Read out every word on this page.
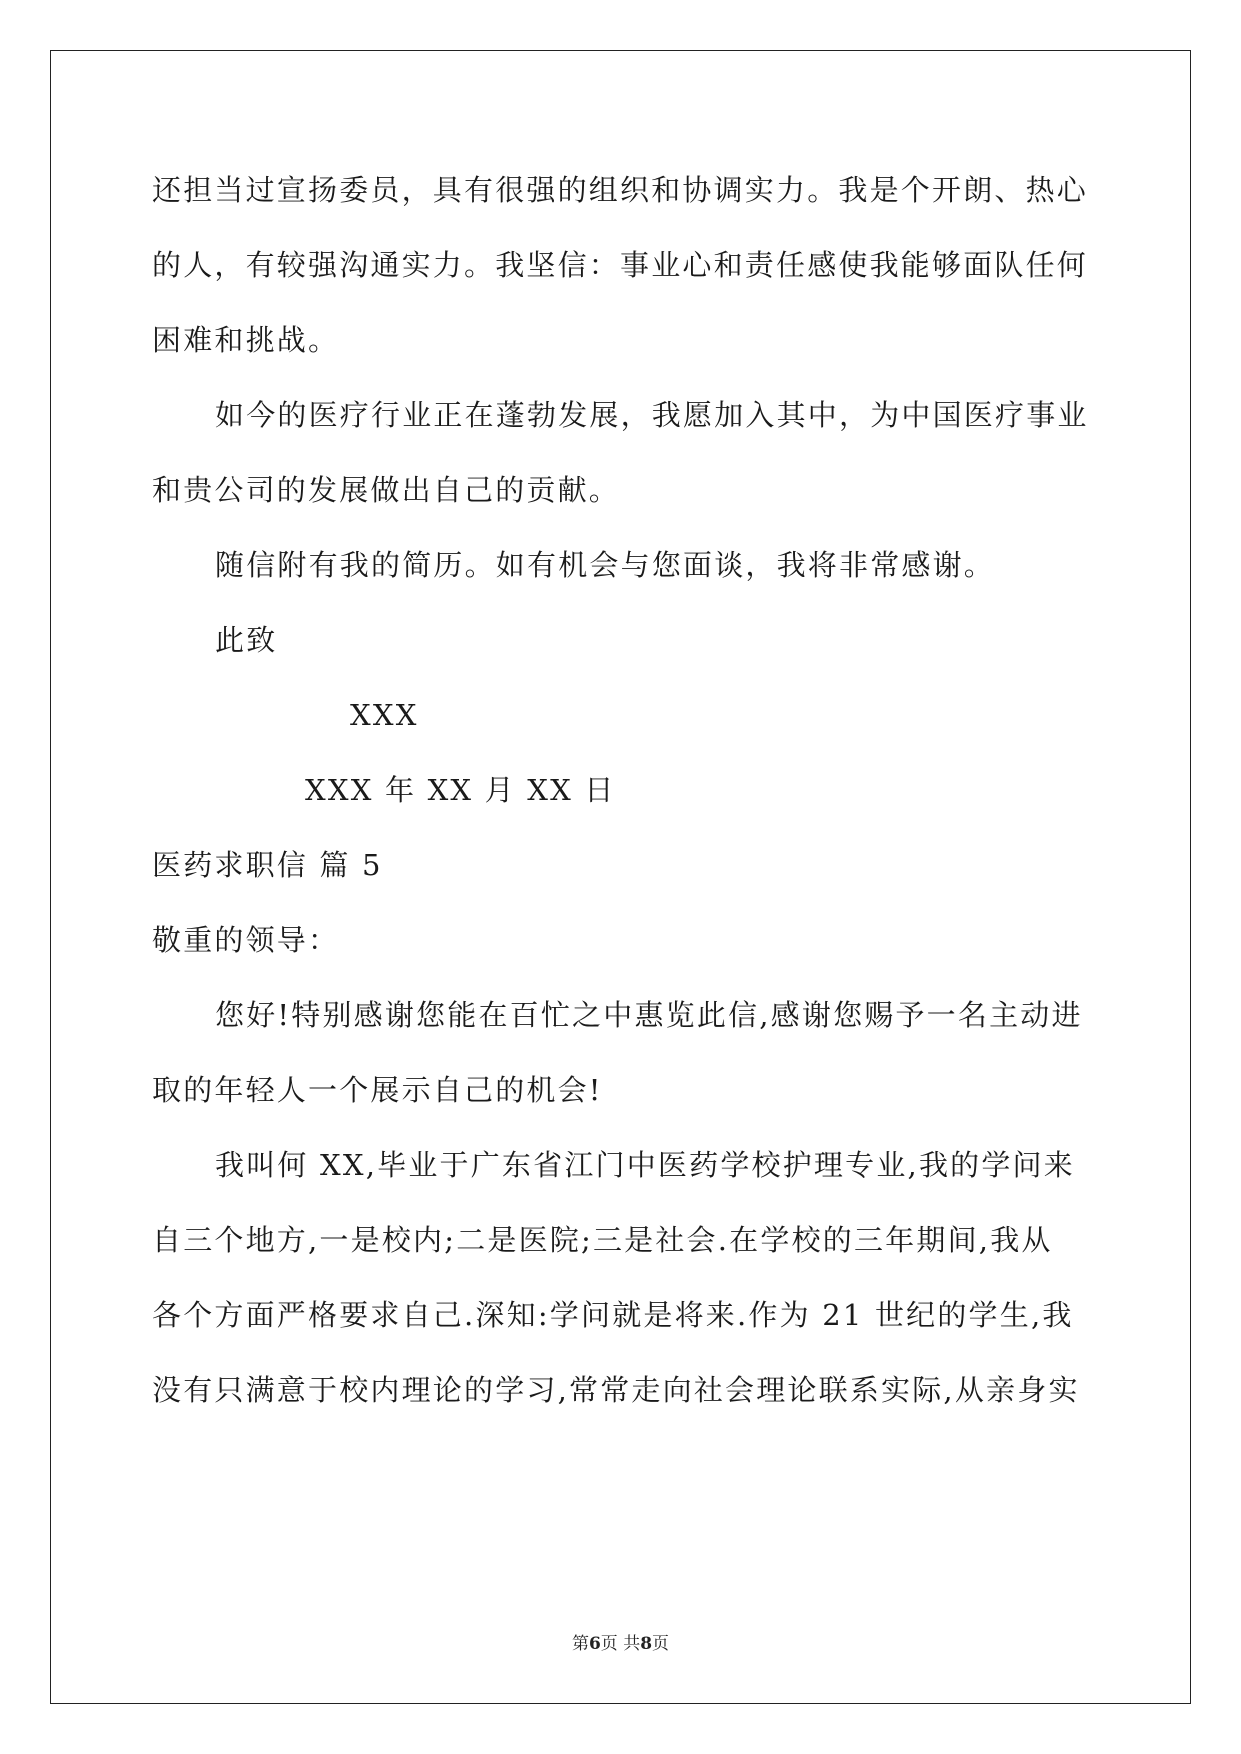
还担当过宣扬委员，具有很强的组织和协调实力。我是个开朗、热心
的人，有较强沟通实力。我坚信：事业心和责任感使我能够面队任何
困难和挑战。
如今的医疗行业正在蓬勃发展，我愿加入其中，为中国医疗事业
和贵公司的发展做出自己的贡献。
随信附有我的简历。如有机会与您面谈，我将非常感谢。
此致
XXX
XXX 年 XX 月 XX 日
医药求职信 篇 5
敬重的领导：
您好!特别感谢您能在百忙之中惠览此信,感谢您赐予一名主动进
取的年轻人一个展示自己的机会!
我叫何 XX,毕业于广东省江门中医药学校护理专业,我的学问来
自三个地方,一是校内;二是医院;三是社会.在学校的三年期间,我从
各个方面严格要求自己.深知:学问就是将来.作为 21 世纪的学生,我
没有只满意于校内理论的学习,常常走向社会理论联系实际,从亲身实
第6页 共8页
